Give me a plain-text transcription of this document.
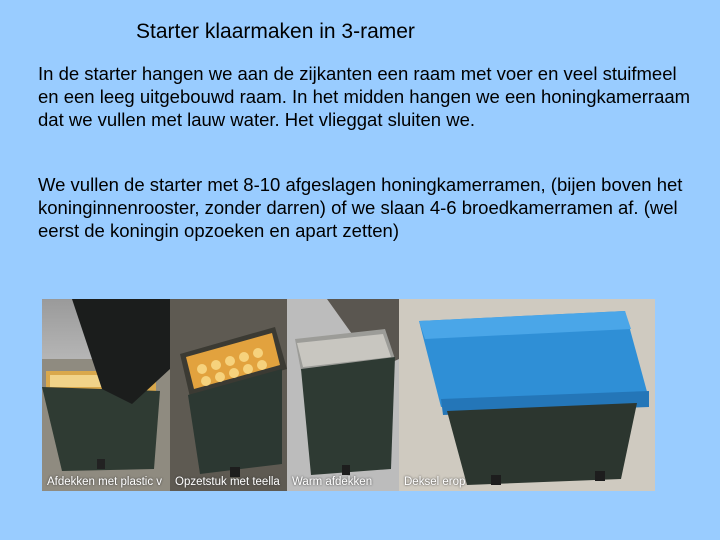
Starter klaarmaken in 3-ramer
In de starter hangen we aan de zijkanten een raam met voer en veel stuifmeel en een leeg uitgebouwd raam. In het midden hangen we een honingkamerraam dat we vullen met lauw water. Het vlieggat sluiten we.
We vullen de starter met 8-10 afgeslagen honingkamerramen, (bijen boven het koninginnenrooster, zonder darren) of we slaan 4-6 broedkamerramen af. (wel eerst de koningin opzoeken en apart zetten)
Afdekken met plastic v Opzetstuk met teella Warm afdekken	Deksel erop
